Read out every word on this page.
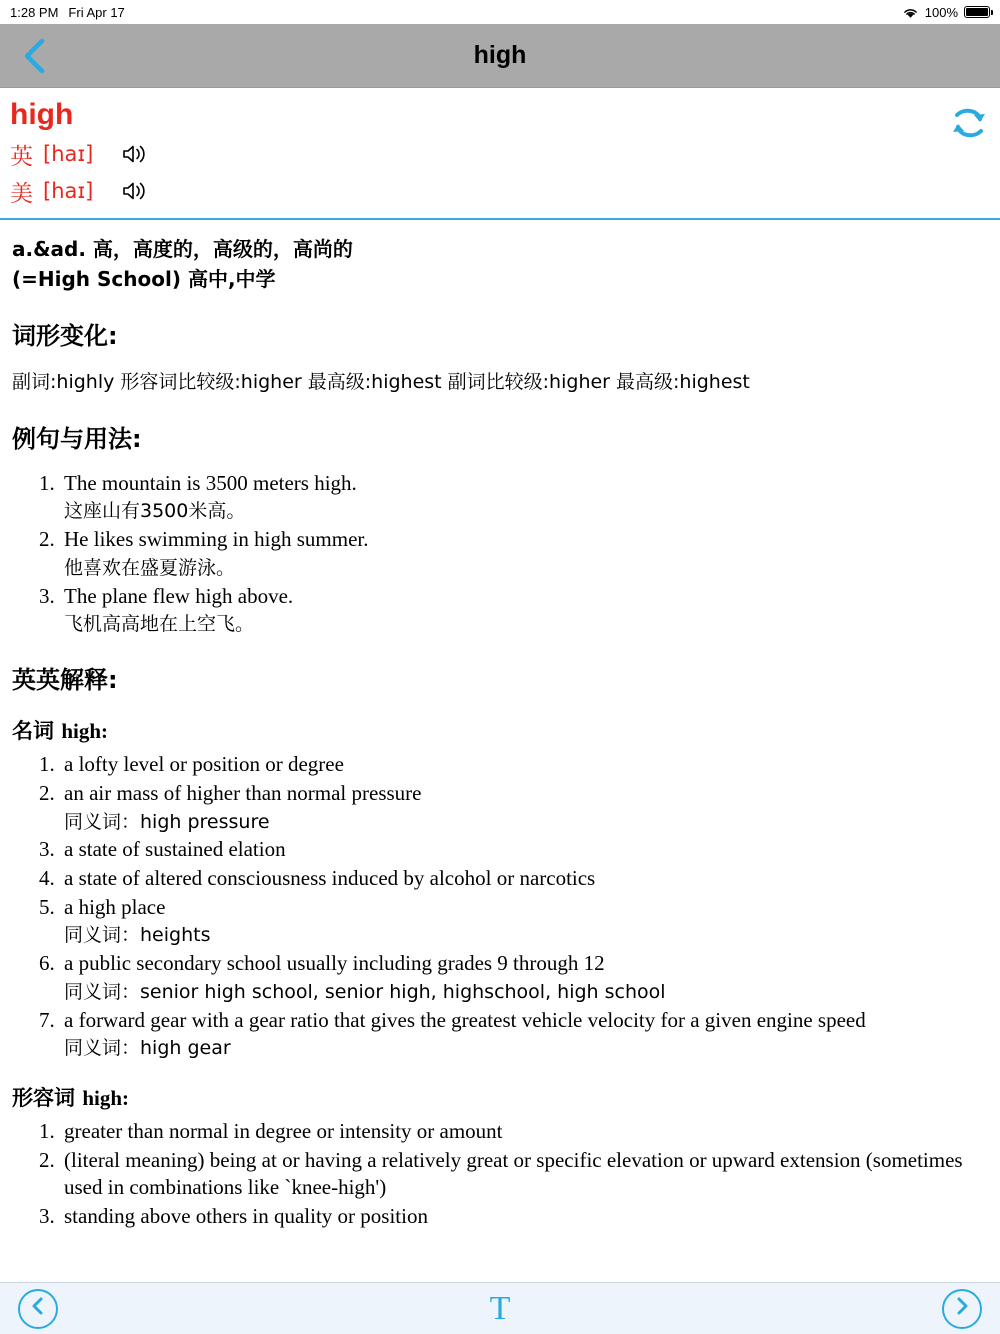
1:28 PM Fri Apr 17	100%
high
high
英 [haɪ]
美 [haɪ]
a.&ad. 高，高度的，高级的，高尚的
(=High School) 高中,中学
词形变化:
副词:highly 形容词比较级:higher 最高级:highest 副词比较级:higher 最高级:highest
例句与用法:
1. The mountain is 3500 meters high.
这座山有3500米高。
2. He likes swimming in high summer.
他喜欢在盛夏游泳。
3. The plane flew high above.
飞机高高地在上空飞。
英英解释:
名词 high:
1. a lofty level or position or degree
2. an air mass of higher than normal pressure
同义词：high pressure
3. a state of sustained elation
4. a state of altered consciousness induced by alcohol or narcotics
5. a high place
同义词：heights
6. a public secondary school usually including grades 9 through 12
同义词：senior high school, senior high, highschool, high school
7. a forward gear with a gear ratio that gives the greatest vehicle velocity for a given engine speed
同义词：high gear
形容词 high:
1. greater than normal in degree or intensity or amount
2. (literal meaning) being at or having a relatively great or specific elevation or upward extension (sometimes used in combinations like `knee-high')
3. standing above others in quality or position
T
